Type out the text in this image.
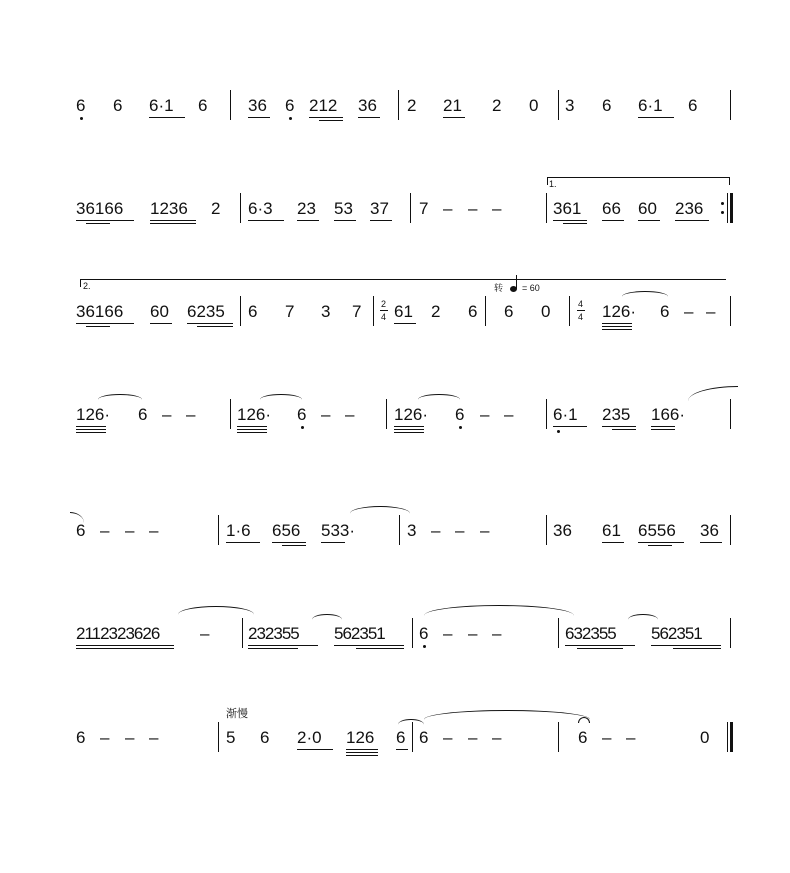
6 6 6·1 6 36 6 212 36 2 21 2 0 3 6 6·1 6
36166 1236 2 6·3 23 53 37 7 – – –
1.
361 66 60 236
2.
36166 60 6235 6 7 3 7 2
4 61 2 6
转 = 60
6 0	4
4 126· 6 – –
126· 6 – – 126· 6 – – 126· 6 – – 6·1 235 166·
6 – – –	1·6 656 533·	3 – – –	36 61 6556 36
2112323626 – 232355 562351 6 – – –	632355 562351
6 – – –
渐慢
5 6 2·0 126 6 6 – – –	6 – –	0
